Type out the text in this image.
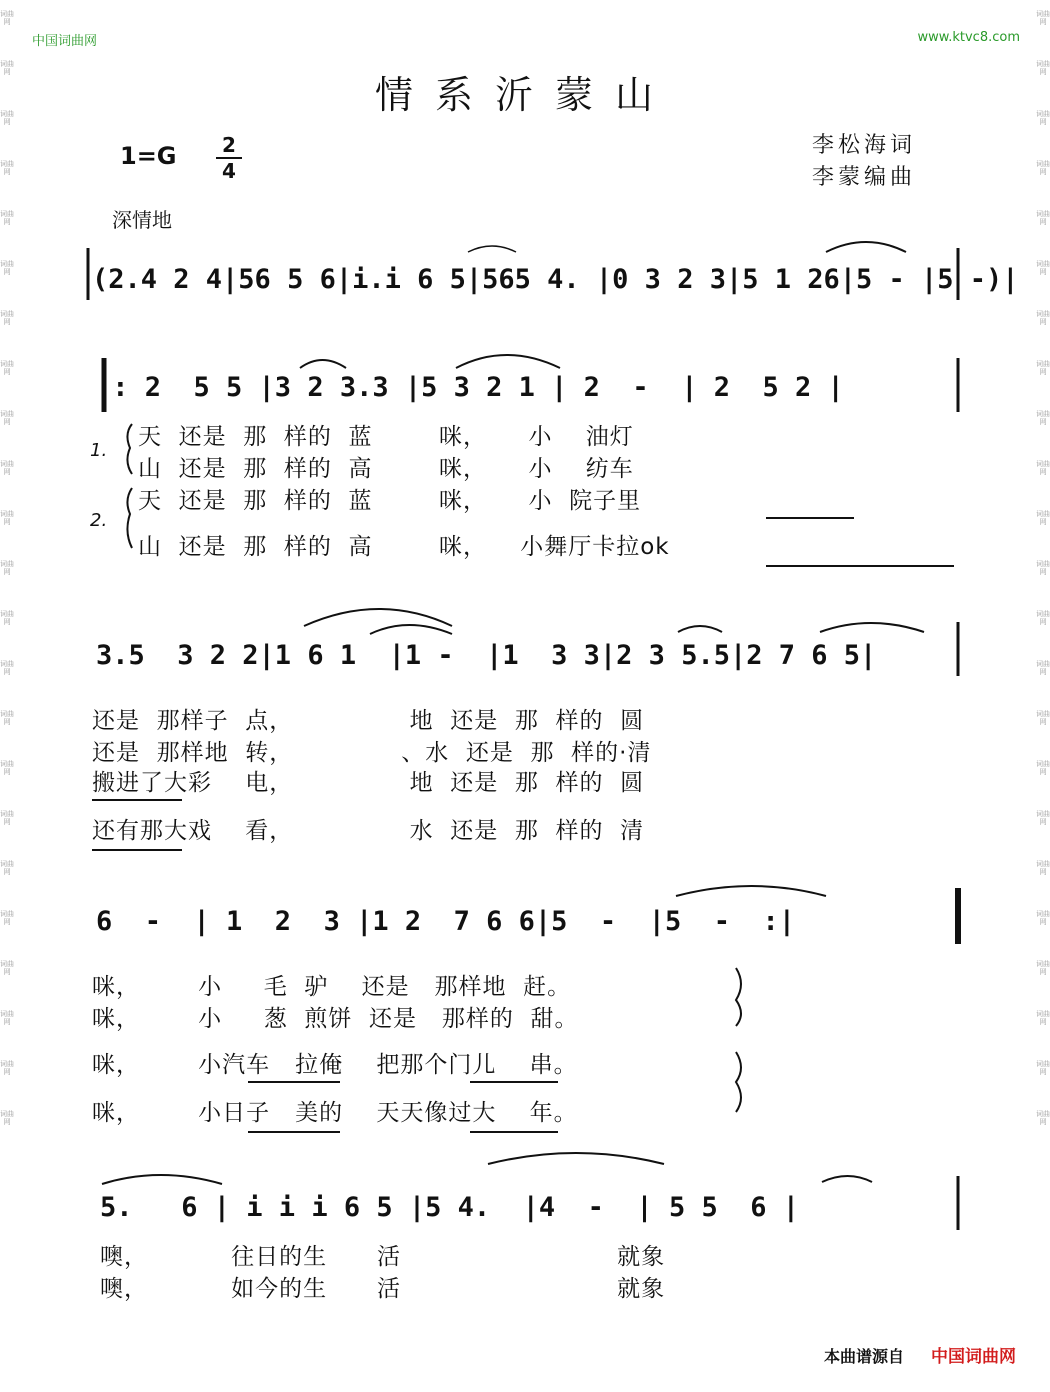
词曲网
词曲网
词曲网
词曲网
词曲网
词曲网
词曲网
词曲网
词曲网
词曲网
词曲网
词曲网
词曲网
词曲网
词曲网
词曲网
词曲网
词曲网
词曲网
词曲网
词曲网
词曲网
词曲网
词曲网
词曲网
词曲网
词曲网
词曲网
词曲网
词曲网
词曲网
词曲网
词曲网
词曲网
词曲网
词曲网
词曲网
词曲网
词曲网
词曲网
词曲网
词曲网
词曲网
词曲网
词曲网
词曲网
中国词曲网	www.ktvc8.com
情系沂蒙山
李松海词
李蒙编曲
1=G	2
4
深情地
(2.4 2 4|56 5 6|i.i 6 5|565 4. |0 3 2 3|5 1 26|5 - |5 -)|
|: 2  5 5 |3 2 3.3 |5 3 2 1 | 2  -  | 2  5 2 |
3.5  3 2 2|1 6 1  |1 -  |1  3 3|2 3 5.5|2 7 6 5|
6  -  | 1  2  3 |1 2  7 6 6|5  -  |5  -  :|
5.   6 | i i i 6 5 |5 4.  |4  -  | 5 5  6 |
1.
2.
天  还是  那  样的  蓝        咪，     小    油灯
山  还是  那  样的  高        咪，     小    纺车
天  还是  那  样的  蓝        咪，     小  院子里
山  还是  那  样的  高        咪，    小舞厅卡拉ok
还是  那样子  点，              地  还是  那  样的  圆
还是  那样地  转，             、水  还是  那  样的·清
搬进了大彩    电，              地  还是  那  样的  圆
还有那大戏    看，              水  还是  那  样的  清
咪，       小     毛  驴    还是   那样地  赶。
咪，       小     葱  煎饼  还是   那样的  甜。
咪，       小汽车   拉俺    把那个门儿    串。
咪，       小日子   美的    天天像过大    年。
噢，          往日的生      活                          就象
噢，          如今的生      活                          就象
本曲谱源自 中国词曲网
